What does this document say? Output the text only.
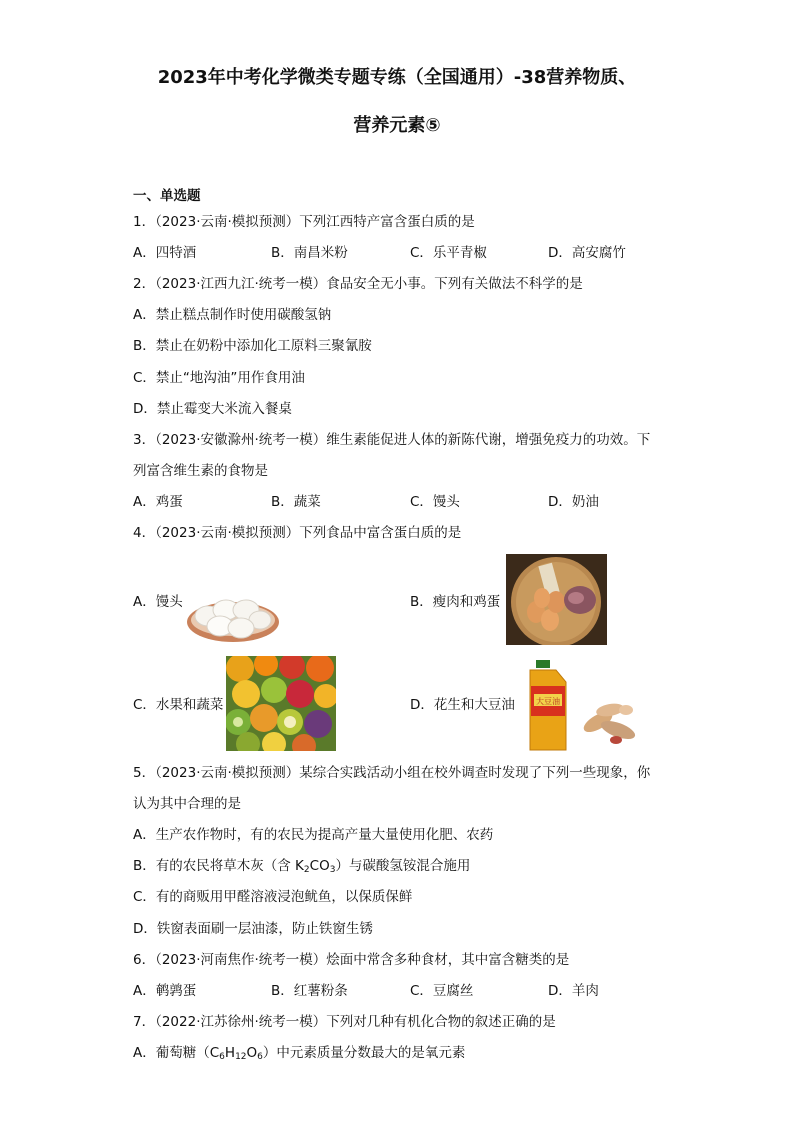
2023年中考化学微类专题专练（全国通用）-38营养物质、
营养元素⑤
一、单选题
1．（2023·云南·模拟预测）下列江西特产富含蛋白质的是
A．四特酒	B．南昌米粉	C．乐平青椒	D．高安腐竹
2．（2023·江西九江·统考一模）食品安全无小事。下列有关做法不科学的是
A．禁止糕点制作时使用碳酸氢钠
B．禁止在奶粉中添加化工原料三聚氰胺
C．禁止“地沟油”用作食用油
D．禁止霉变大米流入餐桌
3．（2023·安徽滁州·统考一模）维生素能促进人体的新陈代谢，增强免疫力的功效。下
列富含维生素的食物是
A．鸡蛋	B．蔬菜	C．馒头	D．奶油
4．（2023·云南·模拟预测）下列食品中富含蛋白质的是
A．馒头	B．瘦肉和鸡蛋
C．水果和蔬菜	D．花生和大豆油	大豆油
5．（2023·云南·模拟预测）某综合实践活动小组在校外调查时发现了下列一些现象，你
认为其中合理的是
A．生产农作物时，有的农民为提高产量大量使用化肥、农药
B．有的农民将草木灰（含 $K_2CO_3$）与碳酸氢铵混合施用
C．有的商贩用甲醛溶液浸泡鱿鱼，以保质保鲜
D．铁窗表面刷一层油漆，防止铁窗生锈
6．（2023·河南焦作·统考一模）烩面中常含多种食材，其中富含糖类的是
A．鹌鹑蛋	B．红薯粉条	C．豆腐丝	D．羊肉
7．（2022·江苏徐州·统考一模）下列对几种有机化合物的叙述正确的是
A．葡萄糖$(C_6H_{12}O_6)$中元素质量分数最大的是氧元素
